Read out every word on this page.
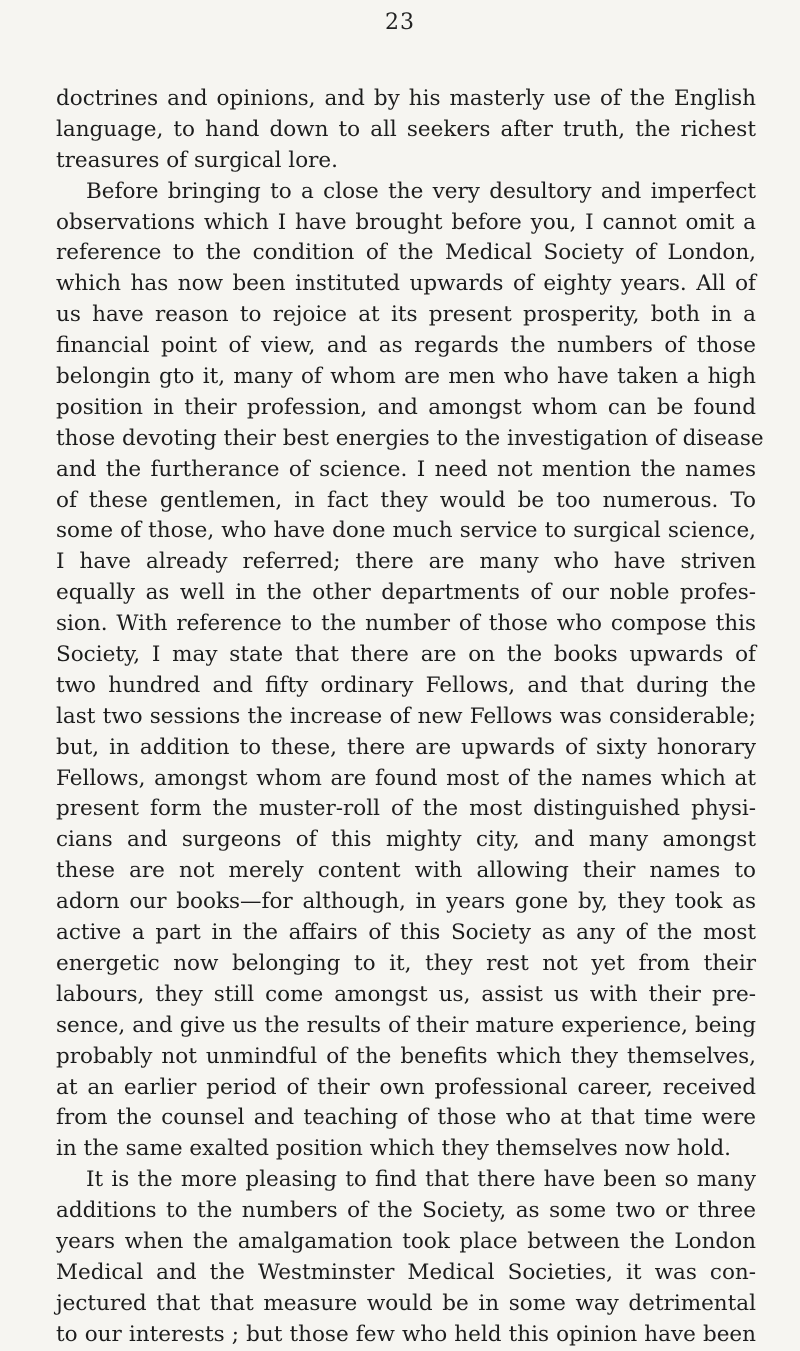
23
doctrines and opinions, and by his masterly use of the English
language, to hand down to all seekers after truth, the richest
treasures of surgical lore.
Before bringing to a close the very desultory and imperfect
observations which I have brought before you, I cannot omit a
reference to the condition of the Medical Society of London,
which has now been instituted upwards of eighty years. All of
us have reason to rejoice at its present prosperity, both in a
financial point of view, and as regards the numbers of those
belongin gto it, many of whom are men who have taken a high
position in their profession, and amongst whom can be found
those devoting their best energies to the investigation of disease
and the furtherance of science. I need not mention the names
of these gentlemen, in fact they would be too numerous. To
some of those, who have done much service to surgical science,
I have already referred; there are many who have striven
equally as well in the other departments of our noble profes-
sion. With reference to the number of those who compose this
Society, I may state that there are on the books upwards of
two hundred and fifty ordinary Fellows, and that during the
last two sessions the increase of new Fellows was considerable;
but, in addition to these, there are upwards of sixty honorary
Fellows, amongst whom are found most of the names which at
present form the muster-roll of the most distinguished physi-
cians and surgeons of this mighty city, and many amongst
these are not merely content with allowing their names to
adorn our books—for although, in years gone by, they took as
active a part in the affairs of this Society as any of the most
energetic now belonging to it, they rest not yet from their
labours, they still come amongst us, assist us with their pre-
sence, and give us the results of their mature experience, being
probably not unmindful of the benefits which they themselves,
at an earlier period of their own professional career, received
from the counsel and teaching of those who at that time were
in the same exalted position which they themselves now hold.
It is the more pleasing to find that there have been so many
additions to the numbers of the Society, as some two or three
years when the amalgamation took place between the London
Medical and the Westminster Medical Societies, it was con-
jectured that that measure would be in some way detrimental
to our interests ; but those few who held this opinion have been
